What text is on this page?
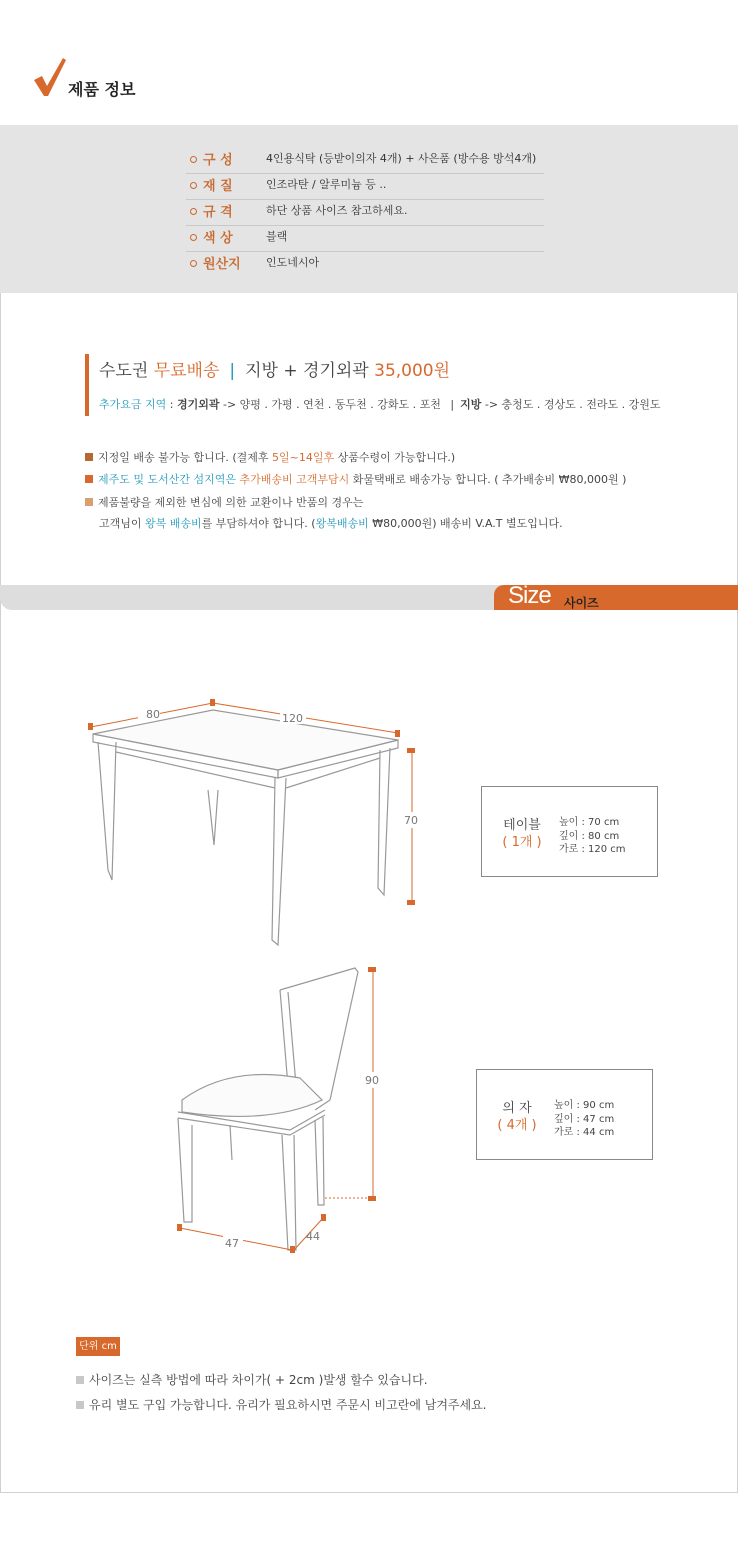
제품 정보
구 성	4인용식탁 (등받이의자 4개) + 사은품 (방수용 방석4개)
재 질	인조라탄 / 알루미늄 등 ..
규 격	하단 상품 사이즈 참고하세요.
색 상	블랙
원산지 인도네시아
수도권 무료배송 | 지방 + 경기외곽 35,000원
추가요금 지역 : 경기외곽 -> 양평 . 가평 . 연천 . 동두천 . 강화도 . 포천 | 지방 -> 충청도 . 경상도 . 전라도 . 강원도
지정일 배송 불가능 합니다. (결제후 5일~14일후 상품수령이 가능합니다.)
제주도 및 도서산간 섬지역은 추가배송비 고객부담시 화물택배로 배송가능 합니다. ( 추가배송비 ₩80,000원 )
제품불량을 제외한 변심에 의한 교환이나 반품의 경우는
고객님이 왕복 배송비를 부담하셔야 합니다. (왕복배송비 ₩80,000원) 배송비 V.A.T 별도입니다.
Size 사이즈
80	120
70	테이블
( 1개 )
높이 : 70 cm
깊이 : 80 cm
가로 : 120 cm
90
47
44
의 자
( 4개 )
높이 : 90 cm
깊이 : 47 cm
가로 : 44 cm
단위 cm
사이즈는 실측 방법에 따라 차이가( + 2cm )발생 할수 있습니다.
유리 별도 구입 가능합니다. 유리가 필요하시면 주문시 비고란에 남겨주세요.
